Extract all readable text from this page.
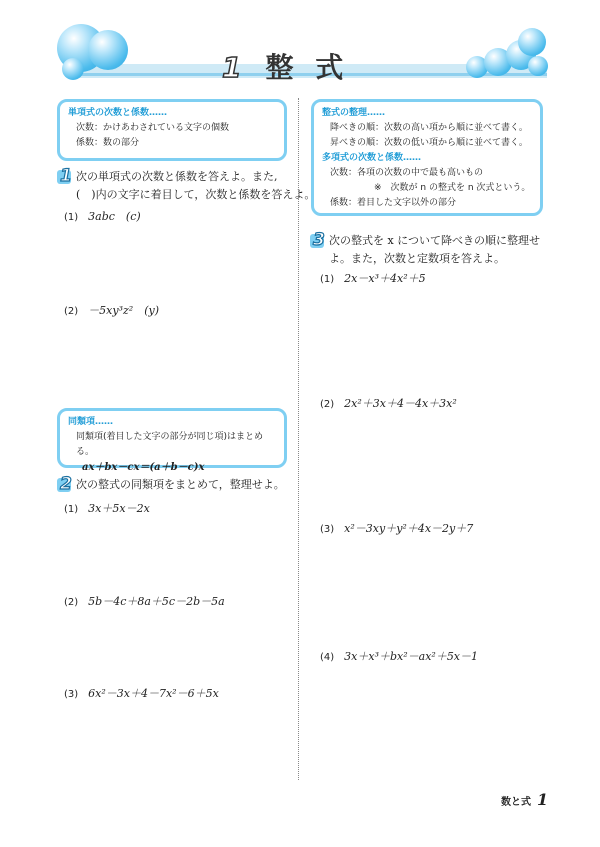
1 整 式
単項式の次数と係数……
次数：かけあわされている文字の個数
係数：数の部分
整式の整理……
降べきの順：次数の高い項から順に並べて書く。
昇べきの順：次数の低い項から順に並べて書く。
多項式の次数と係数……
次数：各項の次数の中で最も高いもの
※　次数が n の整式を n 次式という。
係数：着目した文字以外の部分
1 次の単項式の次数と係数を答えよ。また,
(　)内の文字に着目して，次数と係数を答えよ。
(1) 3abc　(c)
(2) －5xy³z²　(y)
同類項……
同類項(着目した文字の部分が同じ項)はまとめる。
ax＋bx－cx＝(a＋b－c)x
2 次の整式の同類項をまとめて，整理せよ。
(1) 3x＋5x－2x
(2) 5b－4c＋8a＋5c－2b－5a
(3) 6x²－3x＋4－7x²－6＋5x
3 次の整式を x について降べきの順に整理せ
よ。また，次数と定数項を答えよ。
(1) 2x－x³＋4x²＋5
(2) 2x²＋3x＋4－4x＋3x²
(3) x²－3xy＋y²＋4x－2y＋7
(4) 3x＋x³＋bx²－ax²＋5x－1
数と式 1
